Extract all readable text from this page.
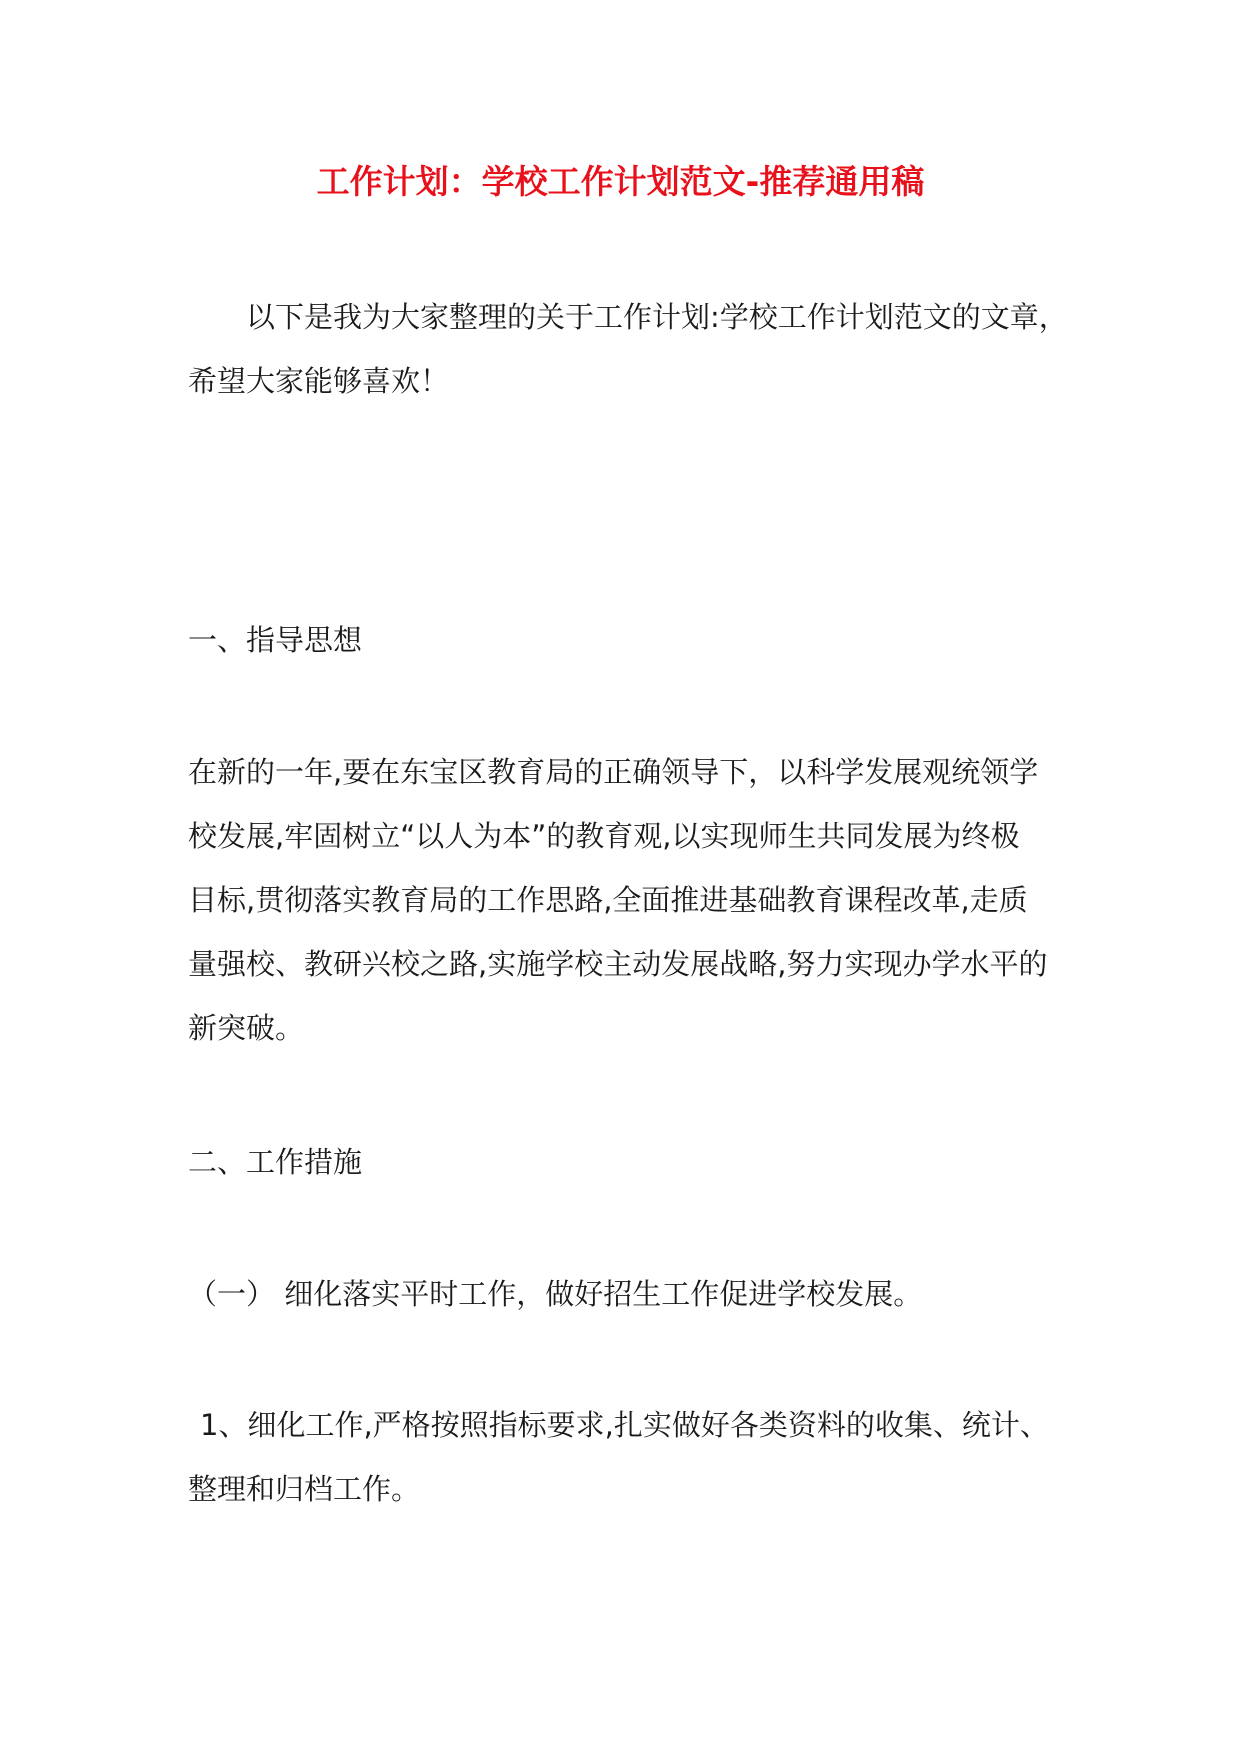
工作计划：学校工作计划范文-推荐通用稿
以下是我为大家整理的关于工作计划:学校工作计划范文的文章，
希望大家能够喜欢！
一、指导思想
在新的一年,要在东宝区教育局的正确领导下，以科学发展观统领学
校发展,牢固树立“以人为本”的教育观,以实现师生共同发展为终极
目标,贯彻落实教育局的工作思路,全面推进基础教育课程改革,走质
量强校、教研兴校之路,实施学校主动发展战略,努力实现办学水平的
新突破。
二、工作措施
（一） 细化落实平时工作，做好招生工作促进学校发展。
1、细化工作,严格按照指标要求,扎实做好各类资料的收集、统计、
整理和归档工作。
